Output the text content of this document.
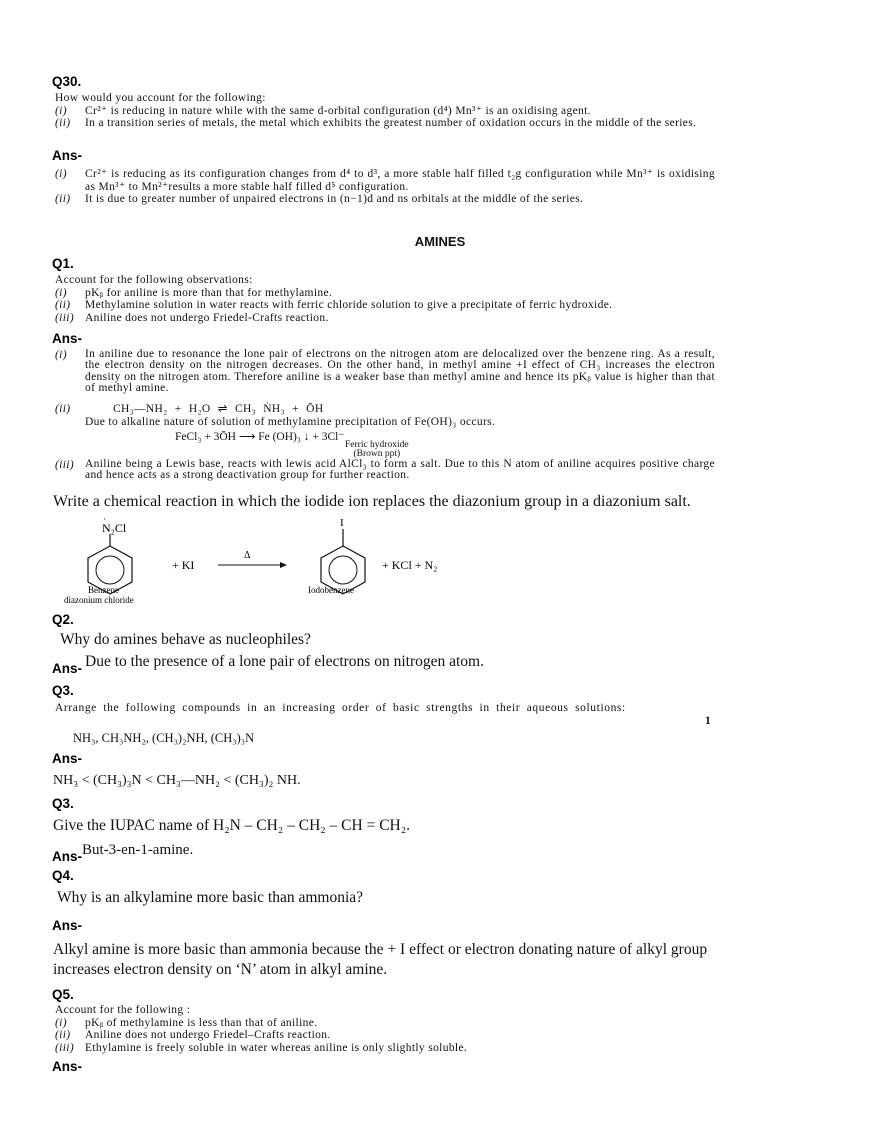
Q30.
How would you account for the following:
(i) Cr²⁺ is reducing in nature while with the same d-orbital configuration (d⁴) Mn³⁺ is an oxidising agent.
(ii) In a transition series of metals, the metal which exhibits the greatest number of oxidation occurs in the middle of the series.
Ans-
(i) Cr²⁺ is reducing as its configuration changes from d⁴ to d³, a more stable half filled t₂g configuration while Mn³⁺ is oxidising as Mn³⁺ to Mn²⁺results a more stable half filled d⁵ configuration.
(ii) It is due to greater number of unpaired electrons in (n−1)d and ns orbitals at the middle of the series.
AMINES
Q1.
Account for the following observations:
(i) pKᵦ for aniline is more than that for methylamine.
(ii) Methylamine solution in water reacts with ferric chloride solution to give a precipitate of ferric hydroxide.
(iii) Aniline does not undergo Friedel-Crafts reaction.
Ans-
(i) In aniline due to resonance the lone pair of electrons on the nitrogen atom are delocalized over the benzene ring. As a result, the electron density on the nitrogen decreases. On the other hand, in methyl amine +I effect of CH₃ increases the electron density on the nitrogen atom. Therefore aniline is a weaker base than methyl amine and hence its pKᵦ value is higher than that of methyl amine.
(ii)	CH₃—NH₂ + H₂O ⇌ CH₃ ṄH₃ + ŌH
Due to alkaline nature of solution of methylamine precipitation of Fe(OH)₃ occurs.
FeCl₃ + 3ŌH ⟶ Fe (OH)₃ ↓ + 3Cl⁻
Ferric hydroxide
(Brown ppt)
(iii) Aniline being a Lewis base, reacts with lewis acid AlCl₃ to form a salt. Due to this N atom of aniline acquires positive charge and hence acts as a strong deactivation group for further reaction.
Write a chemical reaction in which the iodide ion replaces the diazonium group in a diazonium salt.
+
N₂Cl
+ KI
Δ
I
+ KCl + N₂
Benzene
diazonium chloride
Iodobenzene
Q2.
Why do amines behave as nucleophiles?
Ans- Due to the presence of a lone pair of electrons on nitrogen atom.
Q3.
Arrange the following compounds in an increasing order of basic strengths in their aqueous solutions:
1
NH₃, CH₃NH₂, (CH₃)₂NH, (CH₃)₃N
Ans-
NH₃ < (CH₃)₃N < CH₃—NH₂ < (CH₃)₂ NH.
Q3.
Give the IUPAC name of H₂N – CH₂ – CH₂ – CH = CH₂.
Ans- But-3-en-1-amine.
Q4.
Why is an alkylamine more basic than ammonia?
Ans-
Alkyl amine is more basic than ammonia because the + I effect or electron donating nature of alkyl group increases electron density on ‘N’ atom in alkyl amine.
Q5.
Account for the following :
(i) pKᵦ of methylamine is less than that of aniline.
(ii) Aniline does not undergo Friedel–Crafts reaction.
(iii) Ethylamine is freely soluble in water whereas aniline is only slightly soluble.
Ans-
